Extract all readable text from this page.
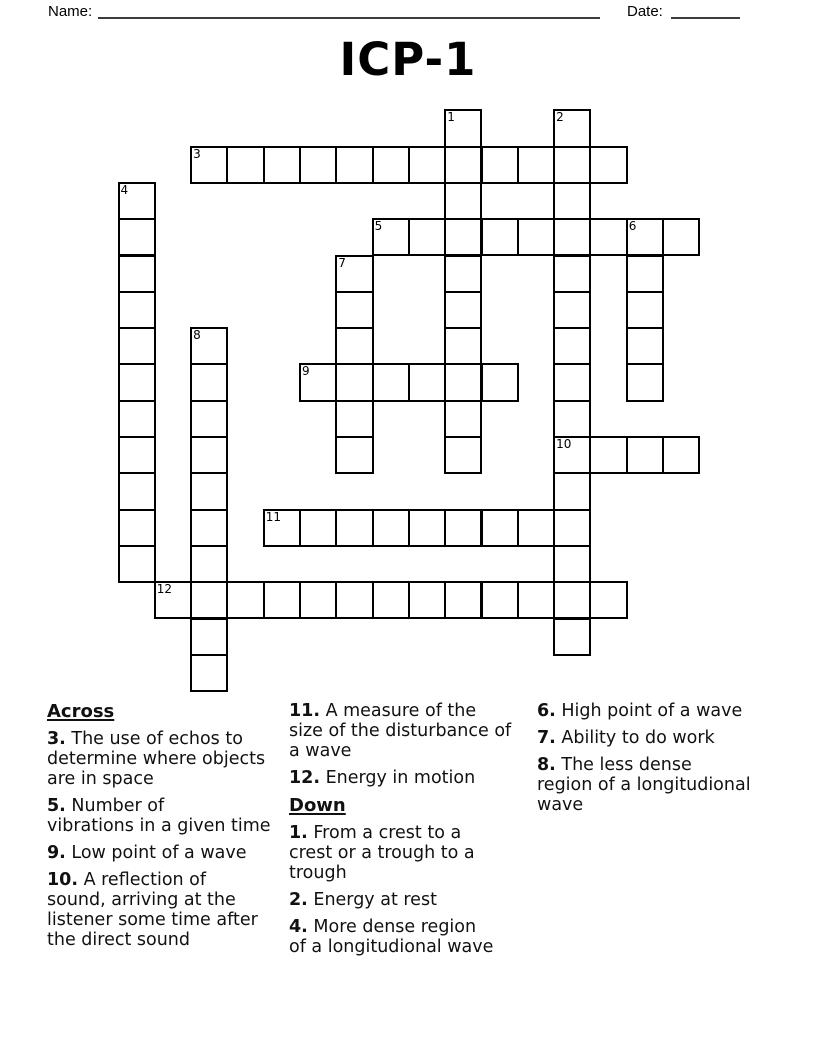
Name:	Date:
ICP-1
1	2
10
3
4
5	6
7
8
9
11
12
Across
3. The use of echos to
determine where objects
are in space
5. Number of
vibrations in a given time
9. Low point of a wave
10. A reflection of
sound, arriving at the
listener some time after
the direct sound
11. A measure of the
size of the disturbance of
a wave
12. Energy in motion
Down
1. From a crest to a
crest or a trough to a
trough
2. Energy at rest
4. More dense region
of a longitudional wave
6. High point of a wave
7. Ability to do work
8. The less dense
region of a longitudional
wave
